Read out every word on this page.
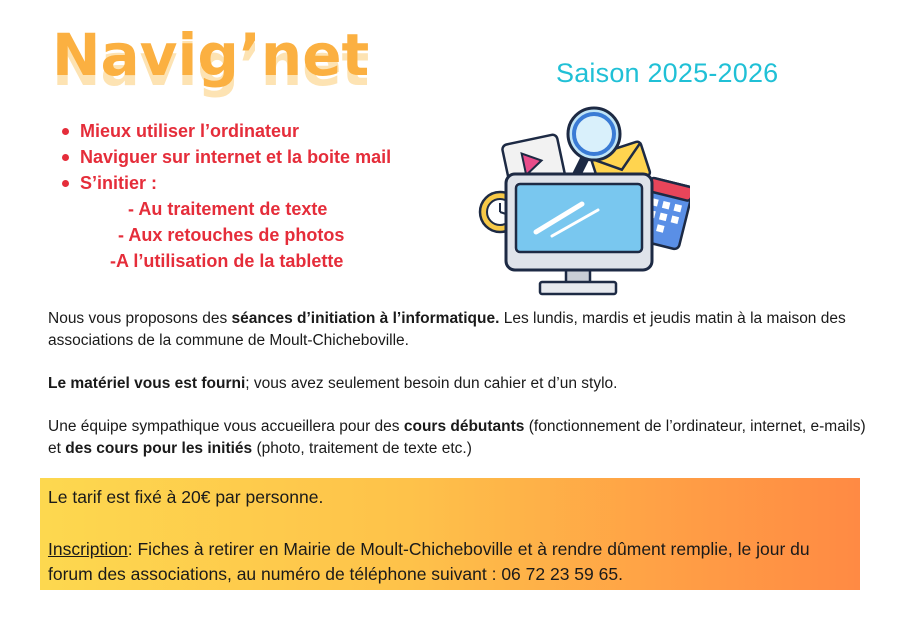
Navig’net	Saison 2025-2026
Mieux utiliser l’ordinateur
Naviguer sur internet et la boite mail
S’initier :
- Au traitement de texte
- Aux retouches de photos
-A l’utilisation de la tablette

Nous vous proposons des séances d’initiation à l’informatique. Les lundis, mardis et jeudis matin à la maison des associations de la commune de Moult-Chicheboville.

Le matériel vous est fourni; vous avez seulement besoin dun cahier et d’un stylo.

Une équipe sympathique vous accueillera pour des cours débutants (fonctionnement de l’ordinateur, internet, e-mails) et des cours pour les initiés (photo, traitement de texte etc.)

Le tarif est fixé à 20€ par personne.
Inscription: Fiches à retirer en Mairie de Moult-Chicheboville et à rendre dûment remplie, le jour du forum des associations, au numéro de téléphone suivant : 06 72 23 59 65.
